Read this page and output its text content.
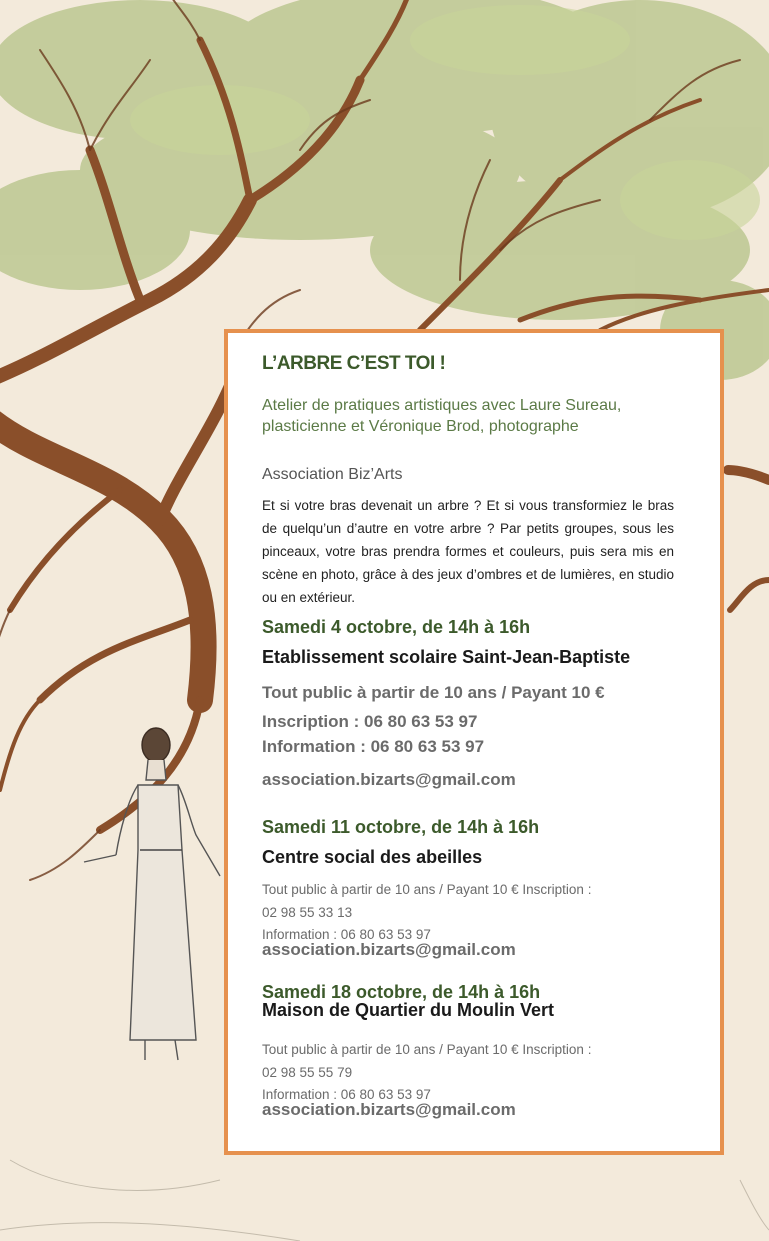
L’ARBRE C’EST TOI !

Atelier de pratiques artistiques avec Laure Sureau, plasticienne et Véronique Brod, photographe

Association Biz’Arts

Et si votre bras devenait un arbre ? Et si vous transformiez le bras de quelqu’un d’autre en votre arbre ? Par petits groupes, sous les pinceaux, votre bras prendra formes et couleurs, puis sera mis en scène en photo, grâce à des jeux d’ombres et de lumières, en studio ou en extérieur.

Samedi 4 octobre, de 14h à 16h

Etablissement scolaire Saint-Jean-Baptiste

Tout public à partir de 10 ans / Payant 10 €

Inscription : 06 80 63 53 97

Information : 06 80 63 53 97

association.bizarts@gmail.com

Samedi 11 octobre, de 14h à 16h

Centre social des abeilles

Tout public à partir de 10 ans / Payant 10 € Inscription :

02 98 55 33 13

Information : 06 80 63 53 97

association.bizarts@gmail.com

Samedi 18 octobre, de 14h à 16h

Maison de Quartier du Moulin Vert

Tout public à partir de 10 ans / Payant 10 € Inscription :

02 98 55 55 79

Information : 06 80 63 53 97

association.bizarts@gmail.com
